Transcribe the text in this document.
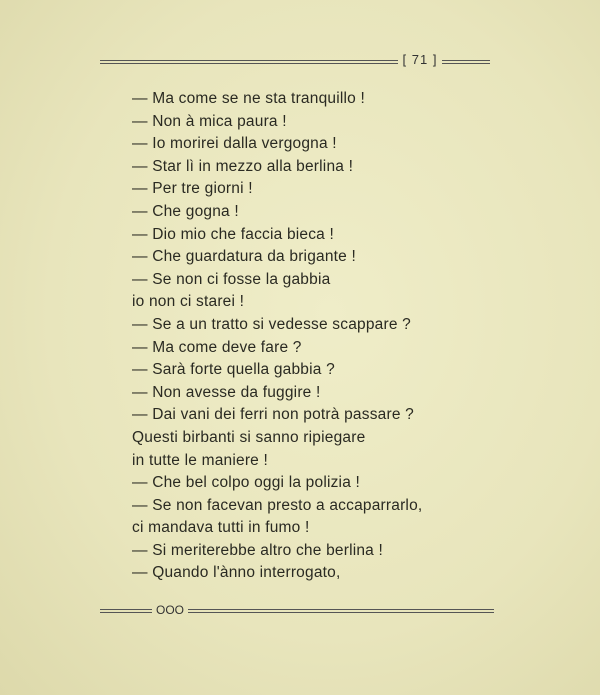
[ 71 ]
— Ma come se ne sta tranquillo !
— Non à mica paura !
— Io morirei dalla vergogna !
— Star lì in mezzo alla berlina !
— Per tre giorni !
— Che gogna !
— Dio mio che faccia bieca !
— Che guardatura da brigante !
— Se non ci fosse la gabbia
io non ci starei !
— Se a un tratto si vedesse scappare ?
— Ma come deve fare ?
— Sarà forte quella gabbia ?
— Non avesse da fuggire !
— Dai vani dei ferri non potrà passare ?
Questi birbanti si sanno ripiegare
in tutte le maniere !
— Che bel colpo oggi la polizia !
— Se non facevan presto a accaparrarlo,
ci mandava tutti in fumo !
— Si meriterebbe altro che berlina !
— Quando l'ànno interrogato,
ООО
